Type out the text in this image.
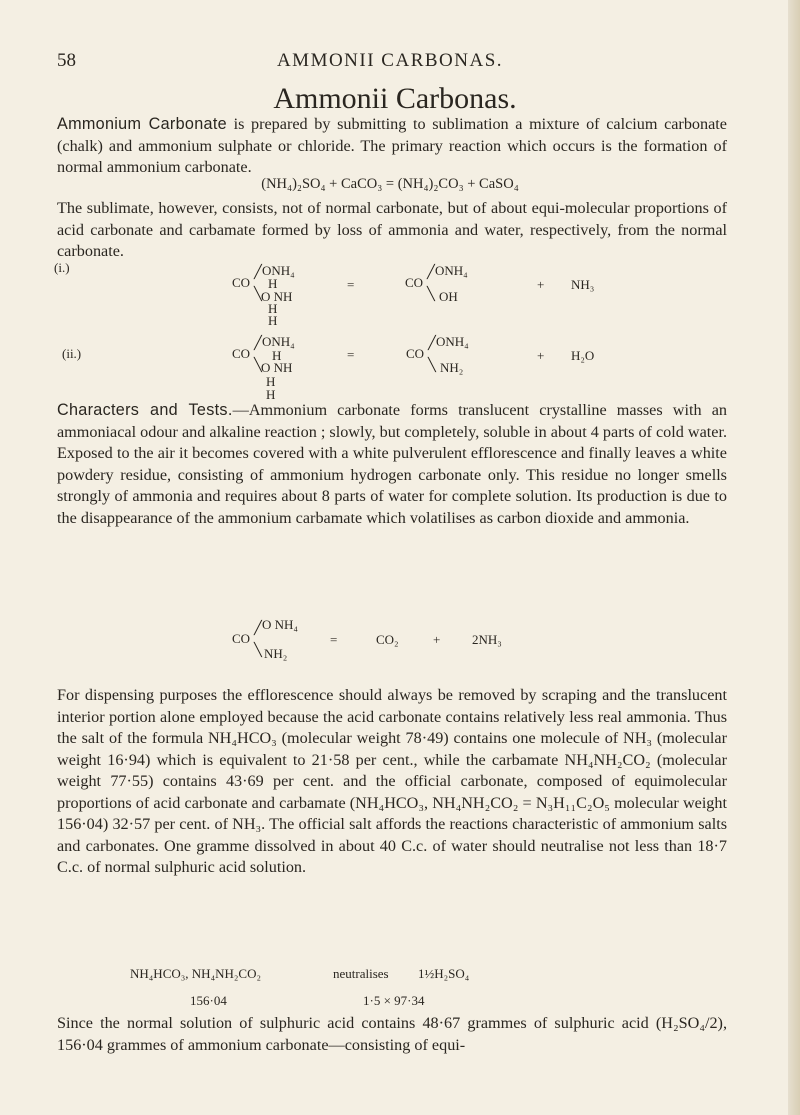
58	AMMONII CARBONAS.
Ammonii Carbonas.

Ammonium Carbonate is prepared by submitting to sublimation a mixture of calcium carbonate (chalk) and ammonium sulphate or chloride. The primary reaction which occurs is the formation of normal ammonium carbonate.

(NH₄)₂SO₄ + CaCO₃ = (NH₄)₂CO₃ + CaSO₄

The sublimate, however, consists, not of normal carbonate, but of about equi-molecular proportions of acid carbonate and carbamate formed by loss of ammonia and water, respectively, from the normal carbonate.

(i.)
CO
╱
╲
ONH₄
H
O NH
H
H
=	CO
╱
╲
ONH₄
OH
+ NH₃
(ii.)	CO
╱
╲
ONH₄
H
O NH
H
H
=	CO
╱
╲
ONH₄
NH₂
+ H₂O

Characters and Tests.—Ammonium carbonate forms translucent crystalline masses with an ammoniacal odour and alkaline reaction ; slowly, but completely, soluble in about 4 parts of cold water. Exposed to the air it becomes covered with a white pulverulent efflorescence and finally leaves a white powdery residue, consisting of ammonium hydrogen carbonate only. This residue no longer smells strongly of ammonia and requires about 8 parts of water for complete solution. Its production is due to the disappearance of the ammonium carbamate which volatilises as carbon dioxide and ammonia.

CO
╱
╲
O NH₄
NH₂
=	CO₂	+ 2NH₃

For dispensing purposes the efflorescence should always be removed by scraping and the translucent interior portion alone employed because the acid carbonate contains relatively less real ammonia. Thus the salt of the formula NH₄HCO₃ (molecular weight 78·49) contains one molecule of NH₃ (molecular weight 16·94) which is equivalent to 21·58 per cent., while the carbamate NH₄NH₂CO₂ (molecular weight 77·55) contains 43·69 per cent. and the official carbonate, composed of equimolecular proportions of acid carbonate and carbamate (NH₄HCO₃, NH₄NH₂CO₂ = N₃H₁₁C₂O₅ molecular weight 156·04) 32·57 per cent. of NH₃. The official salt affords the reactions characteristic of ammonium salts and carbonates. One gramme dissolved in about 40 C.c. of water should neutralise not less than 18·7 C.c. of normal sulphuric acid solution.

NH₄HCO₃, NH₄NH₂CO₂	neutralises 1½H₂SO₄
156·04	1·5 × 97·34

Since the normal solution of sulphuric acid contains 48·67 grammes of sulphuric acid (H₂SO₄/2), 156·04 grammes of ammonium carbonate—consisting of equi-
